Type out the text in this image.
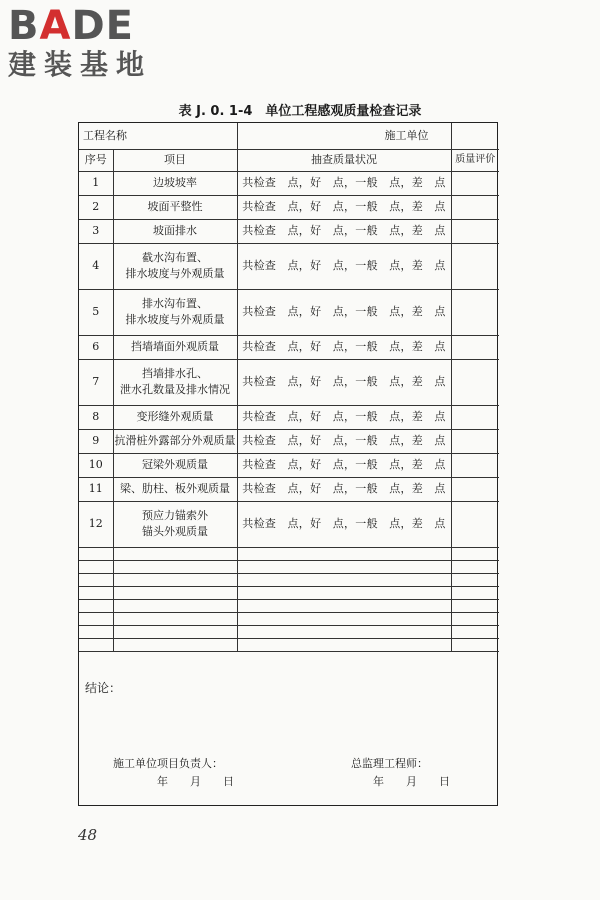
BADE
建装基地
表 J. 0. 1-4　单位工程感观质量检查记录
工程名称		施工单位	
序号	项目	抽查质量状况	质量评价
1	边坡坡率	共检查　点，好　点，一般　点，差　点	
2	坡面平整性	共检查　点，好　点，一般　点，差　点	
3	坡面排水	共检查　点，好　点，一般　点，差　点	
4	截水沟布置、
排水坡度与外观质量	共检查　点，好　点，一般　点，差　点	
5	排水沟布置、
排水坡度与外观质量	共检查　点，好　点，一般　点，差　点	
6	挡墙墙面外观质量	共检查　点，好　点，一般　点，差　点	
7	挡墙排水孔、
泄水孔数量及排水情况	共检查　点，好　点，一般　点，差　点	
8	变形缝外观质量	共检查　点，好　点，一般　点，差　点	
9	抗滑桩外露部分外观质量	共检查　点，好　点，一般　点，差　点	
10	冠梁外观质量	共检查　点，好　点，一般　点，差　点	
11	梁、肋柱、板外观质量	共检查　点，好　点，一般　点，差　点	
12	预应力锚索外
锚头外观质量	共检查　点，好　点，一般　点，差　点	

结论：
施工单位项目负责人：
年　　月　　日
总监理工程师：
年　　月　　日
48
